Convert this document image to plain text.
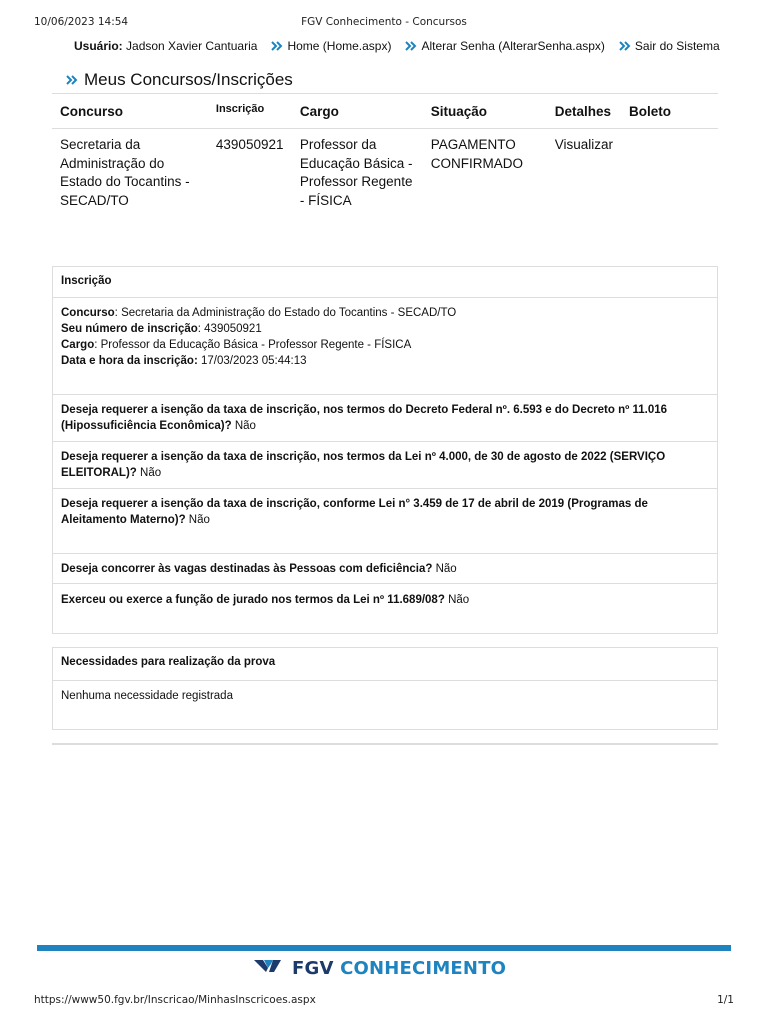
10/06/2023 14:54	FGV Conhecimento - Concursos
Usuário:
Jadson Xavier Cantuaria	Home (Home.aspx)	Alterar Senha (AlterarSenha.aspx)	Sair do Sistema
Meus Concursos/Inscrições
Concurso	Inscrição	Cargo	Situação	Detalhes	Boleto
Secretaria da Administração do Estado do Tocantins - SECAD/TO	439050921	Professor da Educação Básica - Professor Regente - FÍSICA	PAGAMENTO CONFIRMADO	Visualizar	
Inscrição
Concurso: Secretaria da Administração do Estado do Tocantins - SECAD/TO
Seu número de inscrição: 439050921
Cargo: Professor da Educação Básica - Professor Regente - FÍSICA
Data e hora da inscrição: 17/03/2023 05:44:13
Deseja requerer a isenção da taxa de inscrição, nos termos do Decreto Federal nº. 6.593 e do Decreto nº 11.016 (Hipossuficiência Econômica)? Não
Deseja requerer a isenção da taxa de inscrição, nos termos da Lei nº 4.000, de 30 de agosto de 2022 (SERVIÇO ELEITORAL)? Não
Deseja requerer a isenção da taxa de inscrição, conforme Lei n° 3.459 de 17 de abril de 2019 (Programas de Aleitamento Materno)? Não
Deseja concorrer às vagas destinadas às Pessoas com deficiência? Não
Exerceu ou exerce a função de jurado nos termos da Lei nº 11.689/08? Não
Necessidades para realização da prova
Nenhuma necessidade registrada
FGV CONHECIMENTO
https://www50.fgv.br/Inscricao/MinhasInscricoes.aspx	1/1
